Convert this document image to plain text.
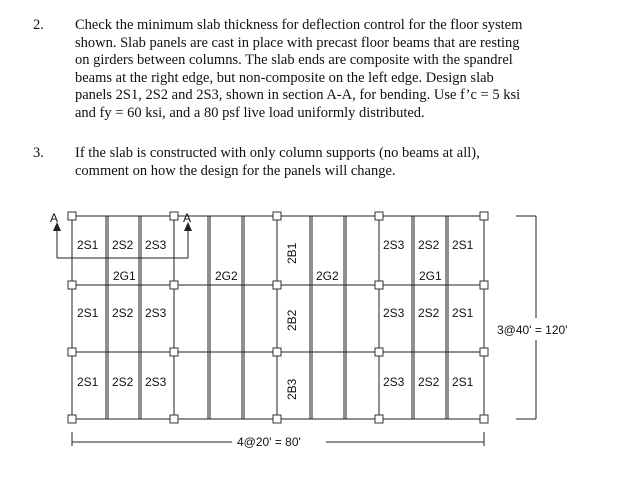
2. Check the minimum slab thickness for deflection control for the floor system
shown. Slab panels are cast in place with precast floor beams that are resting
on girders between columns. The slab ends are composite with the spandrel
beams at the right edge, but non-composite on the left edge. Design slab
panels 2S1, 2S2 and 2S3, shown in section A-A, for bending. Use f’c = 5 ksi
and fy = 60 ksi, and a 80 psf live load uniformly distributed.
3. If the slab is constructed with only column supports (no beams at all),
comment on how the design for the panels will change.
A	A
2S1 2S2 2S3
2S1 2S2 2S3
2S1 2S2 2S3
2S3 2S2 2S1
2S3 2S2 2S1
2S3 2S2 2S1
2G1	2G2	2G2	2G1
2B1
2B2
2B3
4@20' = 80'
3@40' = 120'
